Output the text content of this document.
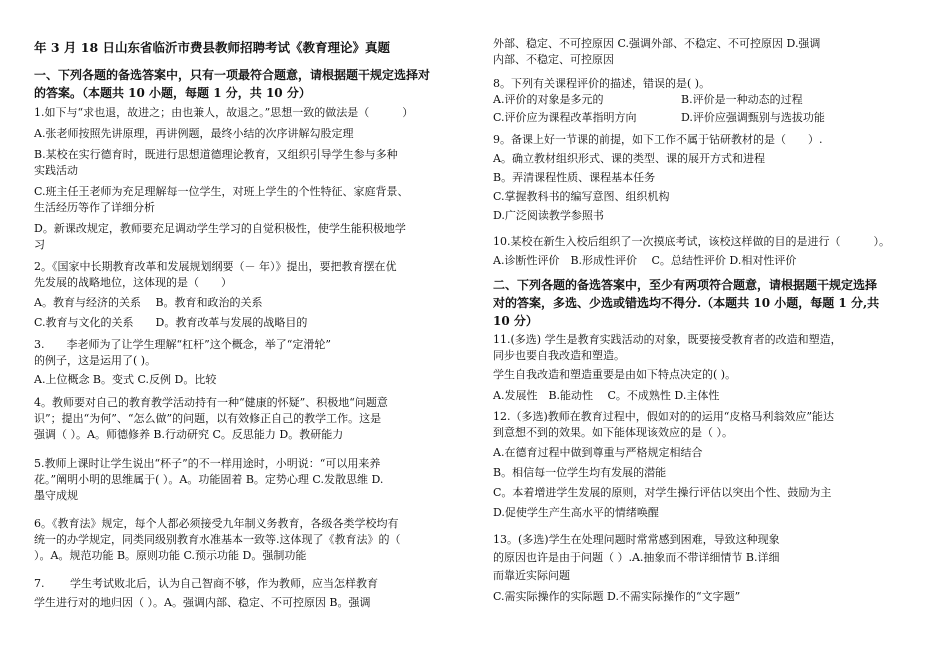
年 3 月 18 日山东省临沂市费县教师招聘考试《教育理论》真题
一、下列各题的备选答案中，只有一项最符合题意，请根据题干规定选择对
的答案。（本题共 10 小题，每题 1 分，共 10 分）
1.如下与“求也退，故进之；由也兼人，故退之。”思想一致的做法是（　　　）
A.张老师按照先讲原理，再讲例题，最终小结的次序讲解勾股定理
B.某校在实行德育时，既进行思想道德理论教育，又组织引导学生参与多种
实践活动
C.班主任王老师为充足理解每一位学生，对班上学生的个性特征、家庭背景、
生活经历等作了详细分析
D。新课改规定，教师要充足调动学生学习的自觉积极性，使学生能积极地学
习
2。《国家中长期教育改革和发展规划纲要（－ 年）》提出，要把教育摆在优
先发展的战略地位，这体现的是（　　）
A。教育与经济的关系　 B。教育和政治的关系
C.教育与文化的关系　　D。教育改革与发展的战略目的
3.　　李老师为了让学生理解“杠杆”这个概念，举了“定滑轮”
的例子，这是运用了( )。
A.上位概念 B。变式 C.反例 D。比较
4。教师要对自己的教育教学活动持有一种“健康的怀疑”、积极地“问题意
识”；提出“为何”、“怎么做”的问题，以有效修正自己的教学工作。这是
强调（ ）。A。师德修养 B.行动研究 C。反思能力 D。教研能力
5.教师上课时让学生说出“杯子”的不一样用途时，小明说：“可以用来养
花。”阐明小明的思维属于( ）。A。功能固着 B。定势心理 C.发散思维 D.
墨守成规
6。《教育法》规定，每个人都必须接受九年制义务教育，各级各类学校均有
统一的办学规定，同类同级别教育水准基本一致等.这体现了《教育法》的（
）。A。规范功能 B。原则功能 C.预示功能 D。强制功能
7.　　 学生考试败北后，认为自己智商不够，作为教师，应当怎样教育
学生进行对的地归因（ ）。A。强调内部、稳定、不可控原因 B。强调
外部、稳定、不可控原因 C.强调外部、不稳定、不可控原因 D.强调
内部、不稳定、可控原因
8。下列有关课程评价的描述，错误的是( )。
A.评价的对象是多元的	B.评价是一种动态的过程
C.评价应为课程改革指明方向	D.评价应强调甄别与选拔功能
9。备课上好一节课的前提，如下工作不属于钻研教材的是（　　）.
A。确立教材组织形式、课的类型、课的展开方式和进程
B。弄清课程性质、课程基本任务
C.掌握教科书的编写意图、组织机构
D.广泛阅读教学参照书
10.某校在新生入校后组织了一次摸底考试，该校这样做的目的是进行（　　　）。
A.诊断性评价　B.形成性评价　 C。总结性评价 D.相对性评价
二、下列各题的备选答案中，至少有两项符合题意，请根据题干规定选择
对的答案，多选、少选或错选均不得分.（本题共 10 小题，每题 1 分,共
10 分）
11.(多选) 学生是教育实践活动的对象，既要接受教育者的改造和塑造，
同步也要自我改造和塑造。
学生自我改造和塑造重要是由如下特点决定的( )。
A.发展性　B.能动性　 C。不成熟性 D.主体性
12.（多选)教师在教育过程中，假如对的的运用“皮格马利翁效应”能达
到意想不到的效果。如下能体现该效应的是（ ）。
A.在德育过程中做到尊重与严格规定相结合
B。相信每一位学生均有发展的潜能
C。本着增进学生发展的原则，对学生操行评估以突出个性、鼓励为主
D.促使学生产生高水平的情绪唤醒
13。(多选)学生在处理问题时常常感到困难，导致这种现象
的原因也许是由于问题（ ）.A.抽象而不带详细情节 B.详细
而靠近实际问题
C.需实际操作的实际题 D.不需实际操作的“文字题”
